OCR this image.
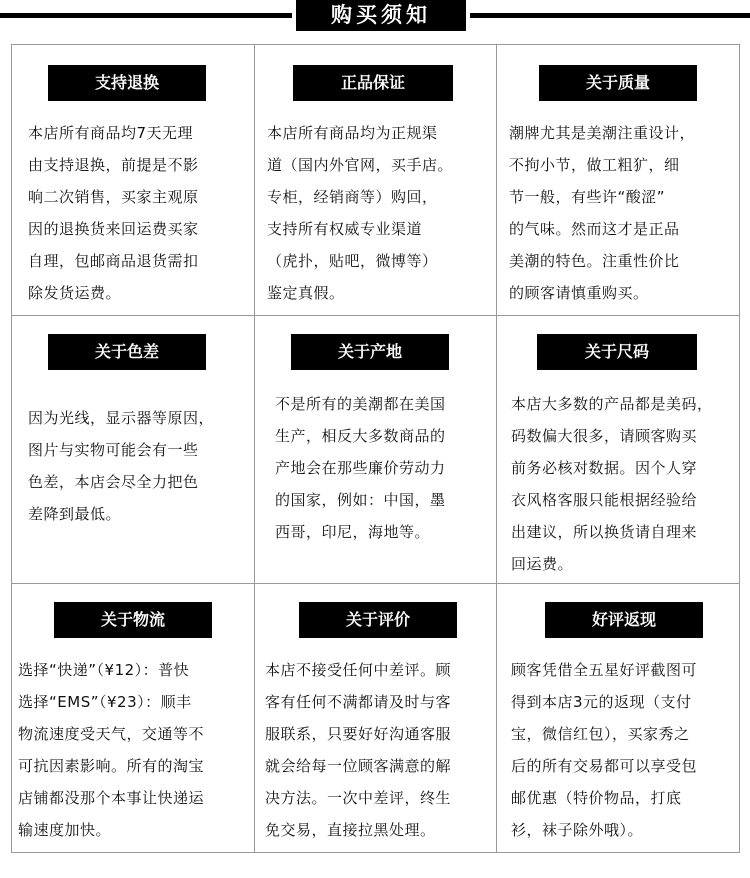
购买须知
支持退换
本店所有商品均7天无理
由支持退换，前提是不影
响二次销售，买家主观原
因的退换货来回运费买家
自理，包邮商品退货需扣
除发货运费。
正品保证
本店所有商品均为正规渠
道（国内外官网，买手店。
专柜，经销商等）购回，
支持所有权威专业渠道
（虎扑，贴吧，微博等）
鉴定真假。
关于质量
潮牌尤其是美潮注重设计，
不拘小节，做工粗犷，细
节一般，有些许“酸涩”
的气味。然而这才是正品
美潮的特色。注重性价比
的顾客请慎重购买。
关于色差
因为光线，显示器等原因，
图片与实物可能会有一些
色差，本店会尽全力把色
差降到最低。
关于产地
不是所有的美潮都在美国
生产，相反大多数商品的
产地会在那些廉价劳动力
的国家，例如：中国，墨
西哥，印尼，海地等。
关于尺码
本店大多数的产品都是美码，
码数偏大很多，请顾客购买
前务必核对数据。因个人穿
衣风格客服只能根据经验给
出建议，所以换货请自理来
回运费。
关于物流
选择“快递”（¥12）：普快
选择“EMS”（¥23）：顺丰
物流速度受天气，交通等不
可抗因素影响。所有的淘宝
店铺都没那个本事让快递运
输速度加快。
关于评价
本店不接受任何中差评。顾
客有任何不满都请及时与客
服联系，只要好好沟通客服
就会给每一位顾客满意的解
决方法。一次中差评，终生
免交易，直接拉黑处理。
好评返现
顾客凭借全五星好评截图可
得到本店3元的返现（支付
宝，微信红包），买家秀之
后的所有交易都可以享受包
邮优惠（特价物品，打底
衫，袜子除外哦）。
